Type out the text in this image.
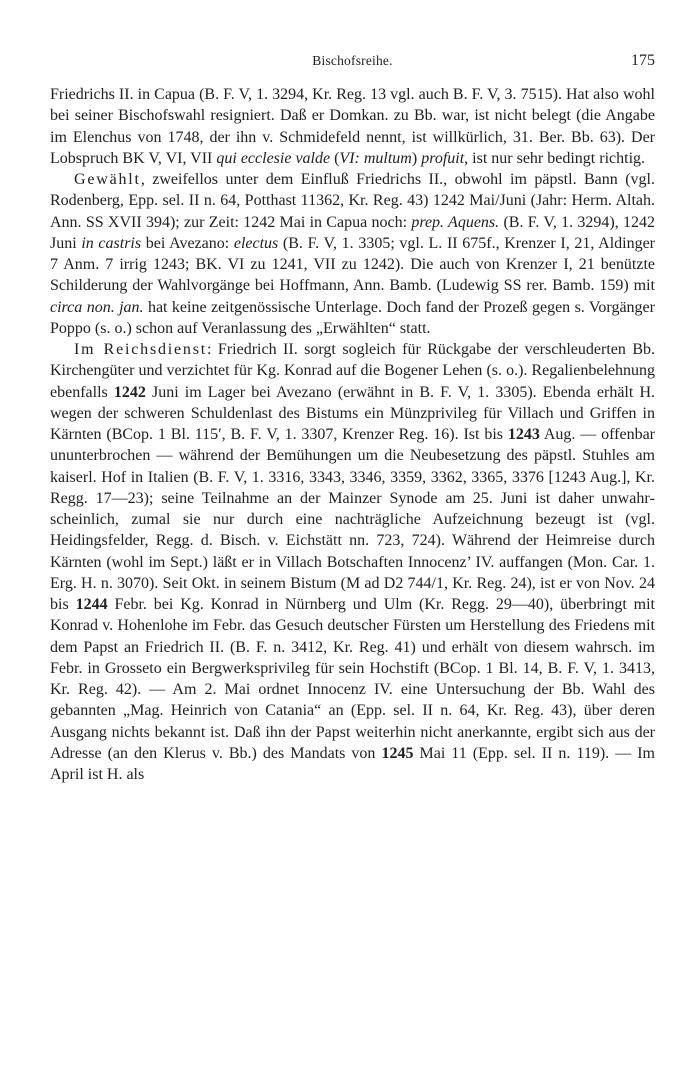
Bischofsreihe.	175

Friedrichs II. in Capua (B. F. V, 1. 3294, Kr. Reg. 13 vgl. auch B. F. V, 3. 7515). Hat also wohl bei seiner Bischofswahl resigniert. Daß er Domkan. zu Bb. war, ist nicht belegt (die Angabe im Elenchus von 1748, der ihn v. Schmidefeld nennt, ist willkürlich, 31. Ber. Bb. 63). Der Lobspruch BK V, VI, VII qui ecclesie valde (VI: multum) profuit, ist nur sehr bedingt richtig.

Gewählt, zweifellos unter dem Einfluß Friedrichs II., obwohl im päpstl. Bann (vgl. Rodenberg, Epp. sel. II n. 64, Potthast 11362, Kr. Reg. 43) 1242 Mai/Juni (Jahr: Herm. Altah. Ann. SS XVII 394); zur Zeit: 1242 Mai in Capua noch: prep. Aquens. (B. F. V, 1. 3294), 1242 Juni in castris bei Avezano: electus (B. F. V, 1. 3305; vgl. L. II 675f., Krenzer I, 21, Aldinger 7 Anm. 7 irrig 1243; BK. VI zu 1241, VII zu 1242). Die auch von Krenzer I, 21 benützte Schilderung der Wahlvorgänge bei Hoffmann, Ann. Bamb. (Ludewig SS rer. Bamb. 159) mit circa non. jan. hat keine zeitgenössische Unterlage. Doch fand der Prozeß gegen s. Vorgänger Poppo (s. o.) schon auf Veranlassung des „Erwählten“ statt.

Im Reichsdienst: Friedrich II. sorgt sogleich für Rückgabe der verschleuderten Bb. Kirchengüter und verzichtet für Kg. Konrad auf die Bogener Lehen (s. o.). Regalienbelehnung ebenfalls 1242 Juni im Lager bei Avezano (erwähnt in B. F. V, 1. 3305). Ebenda erhält H. wegen der schweren Schuldenlast des Bistums ein Münzprivileg für Villach und Griffen in Kärnten (BCop. 1 Bl. 115′, B. F. V, 1. 3307, Krenzer Reg. 16). Ist bis 1243 Aug. — offenbar ununterbrochen — während der Bemühungen um die Neubesetzung des päpstl. Stuhles am kaiserl. Hof in Italien (B. F. V, 1. 3316, 3343, 3346, 3359, 3362, 3365, 3376 [1243 Aug.], Kr. Regg. 17—23); seine Teilnahme an der Mainzer Synode am 25. Juni ist daher unwahrscheinlich, zumal sie nur durch eine nachträgliche Aufzeichnung bezeugt ist (vgl. Heidingsfelder, Regg. d. Bisch. v. Eichstätt nn. 723, 724). Während der Heimreise durch Kärnten (wohl im Sept.) läßt er in Villach Botschaften Innocenz’ IV. auffangen (Mon. Car. 1. Erg. H. n. 3070). Seit Okt. in seinem Bistum (M ad D2 744/1, Kr. Reg. 24), ist er von Nov. 24 bis 1244 Febr. bei Kg. Konrad in Nürnberg und Ulm (Kr. Regg. 29—40), überbringt mit Konrad v. Hohenlohe im Febr. das Gesuch deutscher Fürsten um Herstellung des Friedens mit dem Papst an Friedrich II. (B. F. n. 3412, Kr. Reg. 41) und erhält von diesem wahrsch. im Febr. in Grosseto ein Bergwerksprivileg für sein Hochstift (BCop. 1 Bl. 14, B. F. V, 1. 3413, Kr. Reg. 42). — Am 2. Mai ordnet Innocenz IV. eine Untersuchung der Bb. Wahl des gebannten „Mag. Heinrich von Catania“ an (Epp. sel. II n. 64, Kr. Reg. 43), über deren Ausgang nichts bekannt ist. Daß ihn der Papst weiterhin nicht anerkannte, ergibt sich aus der Adresse (an den Klerus v. Bb.) des Mandats von 1245 Mai 11 (Epp. sel. II n. 119). — Im April ist H. als
